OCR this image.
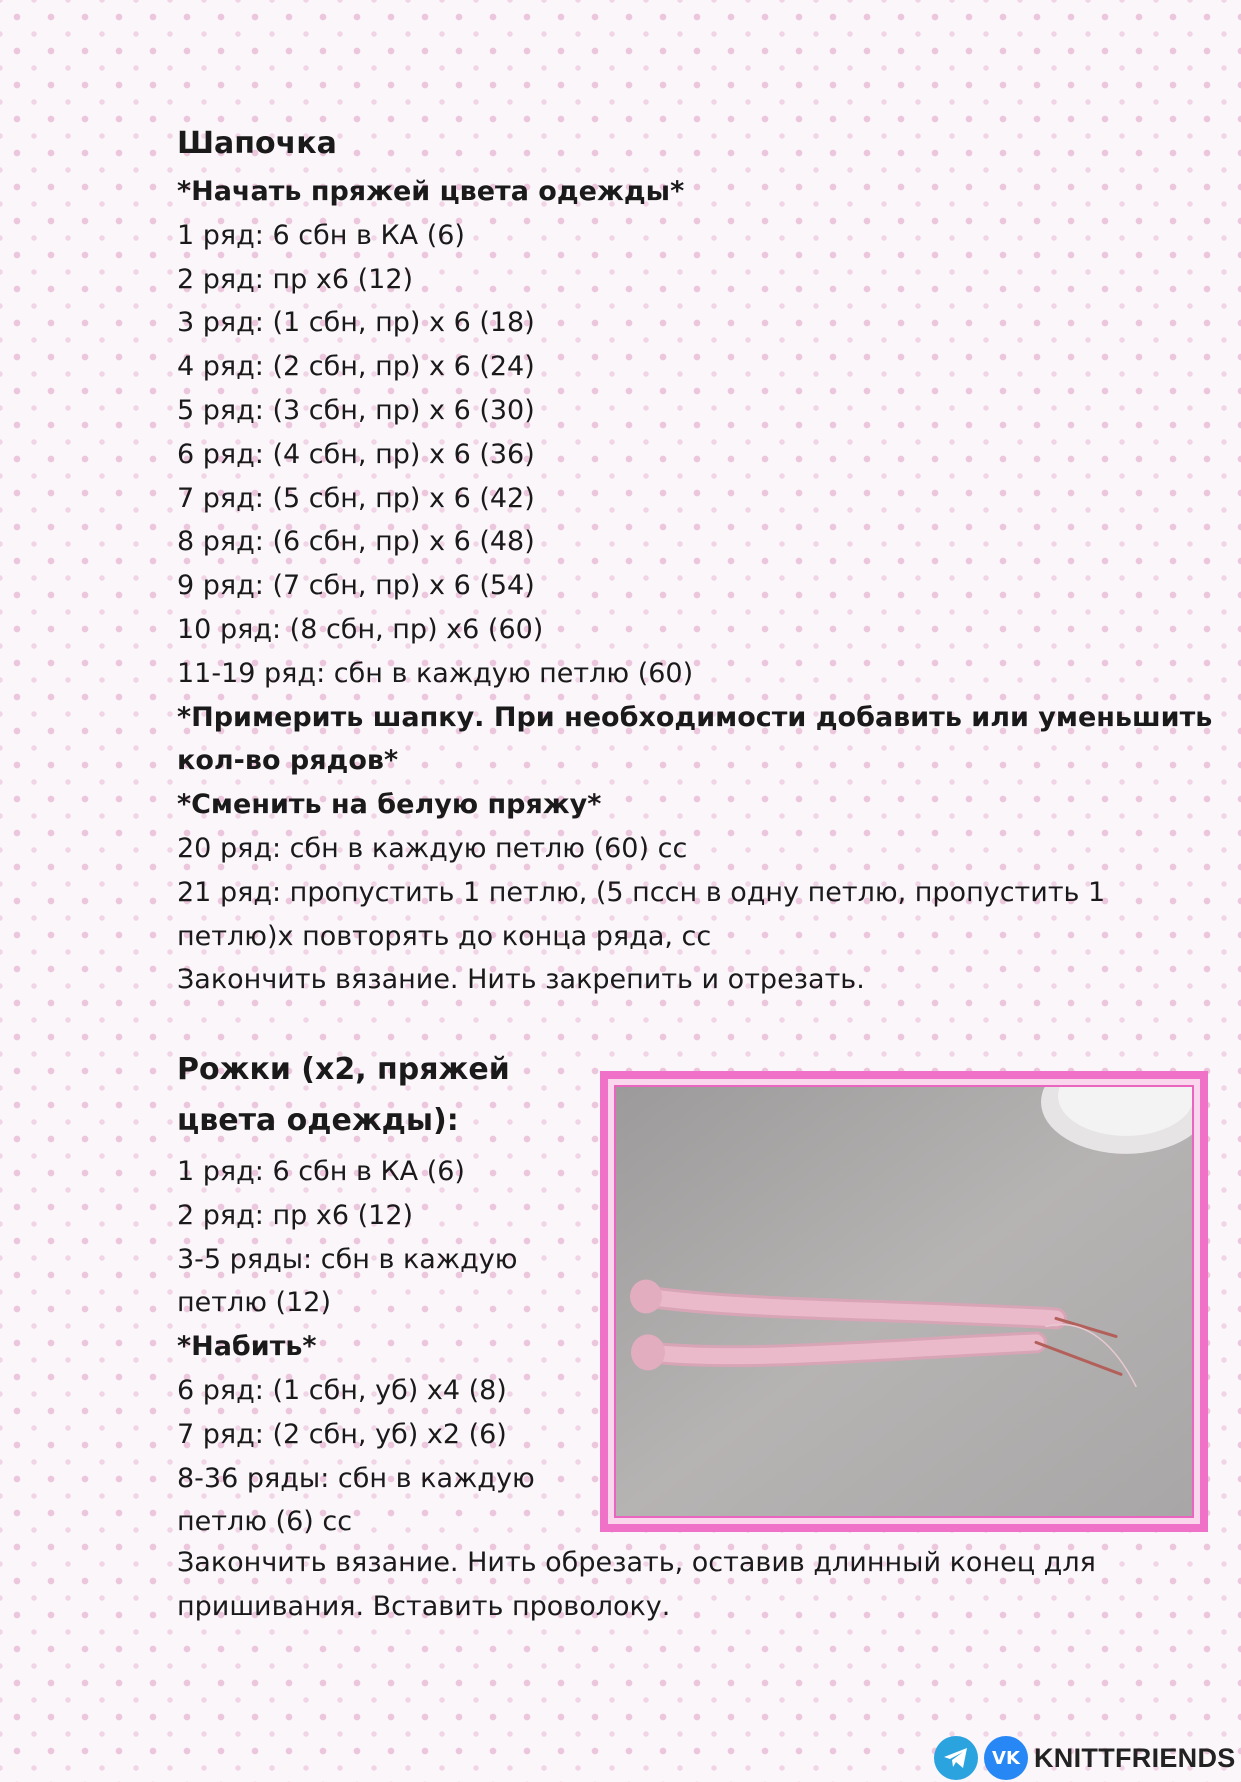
Шапочка
*Начать пряжей цвета одежды*
1 ряд: 6 сбн в КА (6)
2 ряд: пр х6 (12)
3 ряд: (1 сбн, пр) х 6 (18)
4 ряд: (2 сбн, пр) х 6 (24)
5 ряд: (3 сбн, пр) х 6 (30)
6 ряд: (4 сбн, пр) х 6 (36)
7 ряд: (5 сбн, пр) х 6 (42)
8 ряд: (6 сбн, пр) х 6 (48)
9 ряд: (7 сбн, пр) х 6 (54)
10 ряд: (8 сбн, пр) х6 (60)
11-19 ряд: сбн в каждую петлю (60)
*Примерить шапку. При необходимости добавить или уменьшить
кол-во рядов*
*Сменить на белую пряжу*
20 ряд: сбн в каждую петлю (60) сс
21 ряд: пропустить 1 петлю, (5 пссн в одну петлю, пропустить 1
петлю)х повторять до конца ряда, сс
Закончить вязание. Нить закрепить и отрезать.
Рожки (х2, пряжей
цвета одежды):
1 ряд: 6 сбн в КА (6)
2 ряд: пр х6 (12)
3-5 ряды: сбн в каждую
петлю (12)
*Набить*
6 ряд: (1 сбн, уб) х4 (8)
7 ряд: (2 сбн, уб) х2 (6)
8-36 ряды: сбн в каждую
петлю (6) сс
Закончить вязание. Нить обрезать, оставив длинный конец для
пришивания. Вставить проволоку.
VK KNITTFRIENDS
